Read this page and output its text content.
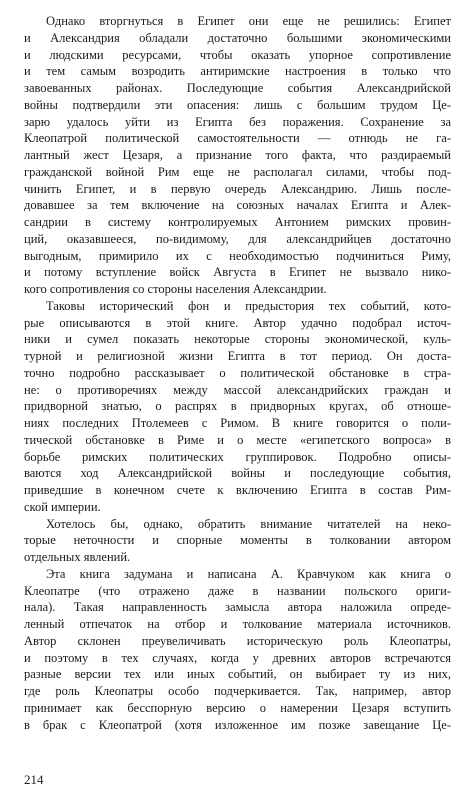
Однако вторгнуться в Египет они еще не решились: Египет
и Александрия обладали достаточно большими экономическими
и людскими ресурсами, чтобы оказать упорное сопротивление
и тем самым возродить антиримские настроения в только что
завоеванных районах. Последующие события Александрийской
войны подтвердили эти опасения: лишь с большим трудом Це-
зарю удалось уйти из Египта без поражения. Сохранение за
Клеопатрой политической самостоятельности — отнюдь не га-
лантный жест Цезаря, а признание того факта, что раздираемый
гражданской войной Рим еще не располагал силами, чтобы под-
чинить Египет, и в первую очередь Александрию. Лишь после-
довавшее за тем включение на союзных началах Египта и Алек-
сандрии в систему контролируемых Антонием римских провин-
ций, оказавшееся, по-видимому, для александрийцев достаточно
выгодным, примирило их с необходимостью подчиниться Риму,
и потому вступление войск Августа в Египет не вызвало нико-
кого сопротивления со стороны населения Александрии.

Таковы исторический фон и предыстория тех событий, кото-
рые описываются в этой книге. Автор удачно подобрал источ-
ники и сумел показать некоторые стороны экономической, куль-
турной и религиозной жизни Египта в тот период. Он доста-
точно подробно рассказывает о политической обстановке в стра-
не: о противоречиях между массой александрийских граждан и
придворной знатью, о распрях в придворных кругах, об отноше-
ниях последних Птолемеев с Римом. В книге говорится о поли-
тической обстановке в Риме и о месте «египетского вопроса» в
борьбе римских политических группировок. Подробно описы-
ваются ход Александрийской войны и последующие события,
приведшие в конечном счете к включению Египта в состав Рим-
ской империи.

Хотелось бы, однако, обратить внимание читателей на неко-
торые неточности и спорные моменты в толковании автором
отдельных явлений.

Эта книга задумана и написана А. Кравчуком как книга о
Клеопатре (что отражено даже в названии польского ориги-
нала). Такая направленность замысла автора наложила опреде-
ленный отпечаток на отбор и толкование материала источников.
Автор склонен преувеличивать историческую роль Клеопатры,
и поэтому в тех случаях, когда у древних авторов встречаются
разные версии тех или иных событий, он выбирает ту из них,
где роль Клеопатры особо подчеркивается. Так, например, автор
принимает как бесспорную версию о намерении Цезаря вступить
в брак с Клеопатрой (хотя изложенное им позже завещание Це-

214
